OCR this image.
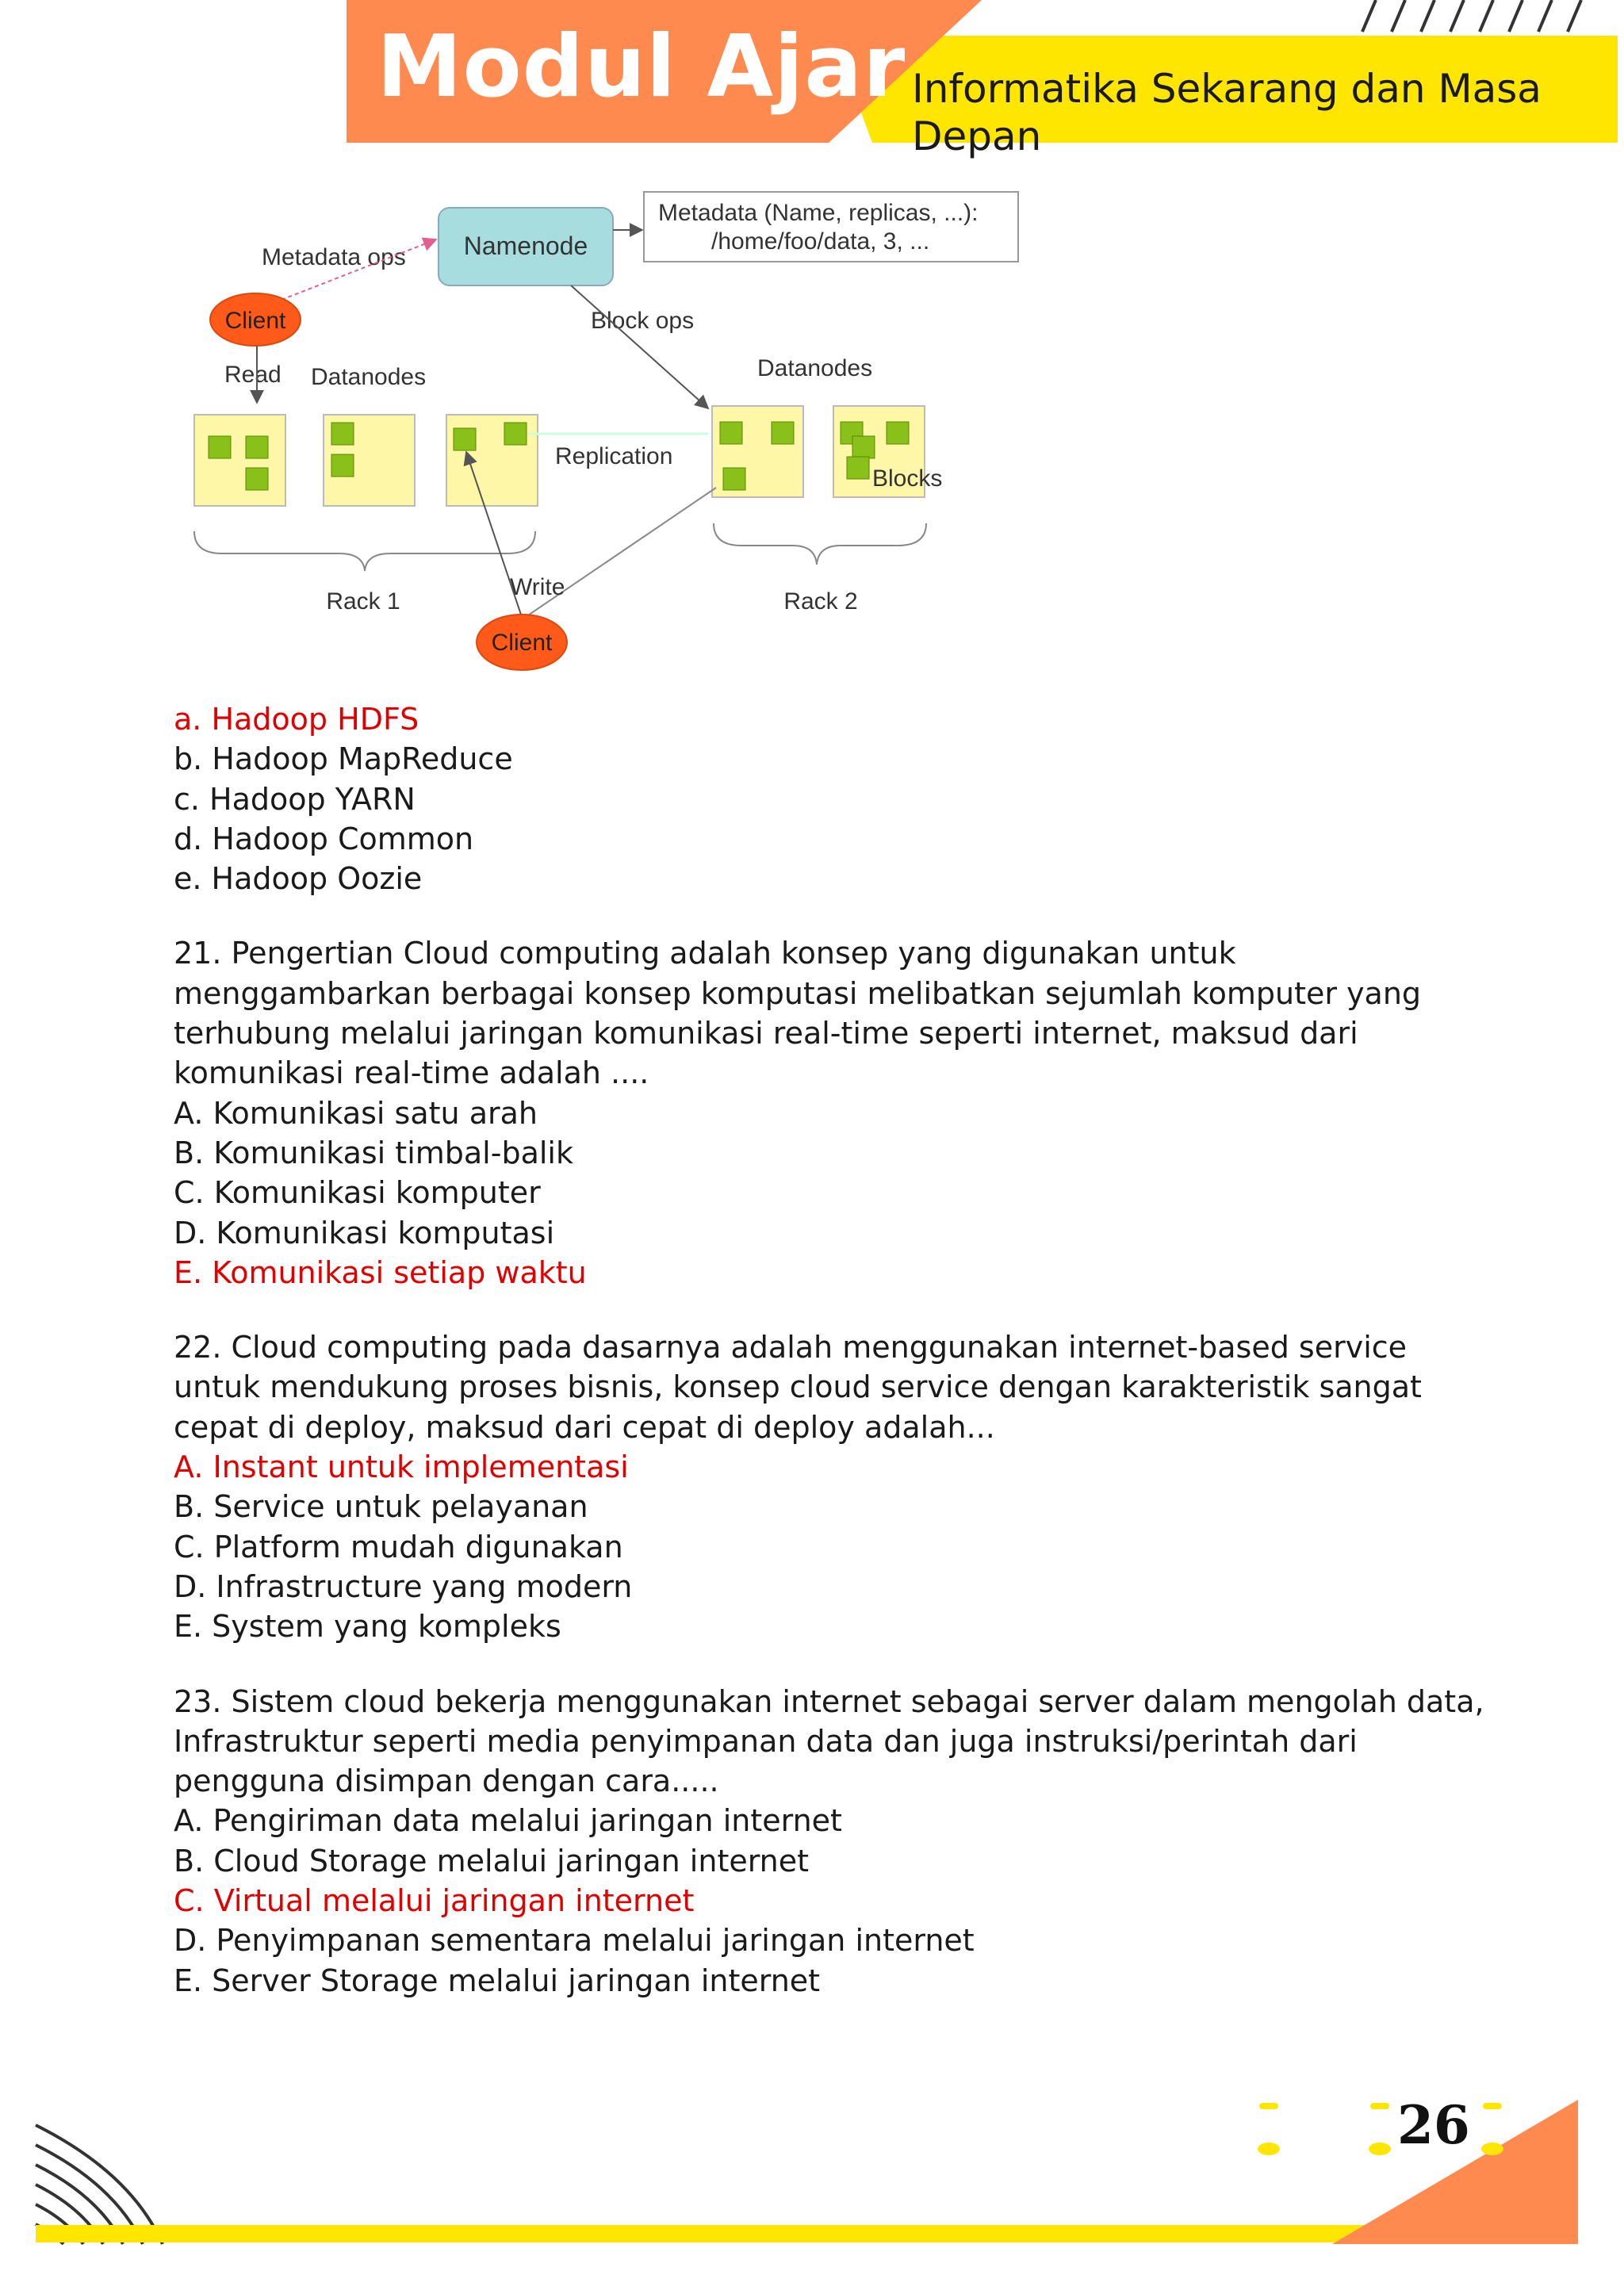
Modul Ajar Informatika Sekarang dan Masa Depan
Namenode
Metadata (Name, replicas, ...):
/home/foo/data, 3, ...
Metadata ops
Client	Block ops
Read Datanodes	Datanodes
Replication
Blocks
Rack 1	Rack 2
Write
Client
a. Hadoop HDFS
b. Hadoop MapReduce
c. Hadoop YARN
d. Hadoop Common
e. Hadoop Oozie
21. Pengertian Cloud computing adalah konsep yang digunakan untuk
menggambarkan berbagai konsep komputasi melibatkan sejumlah komputer yang
terhubung melalui jaringan komunikasi real-time seperti internet, maksud dari
komunikasi real-time adalah ....
A. Komunikasi satu arah
B. Komunikasi timbal-balik
C. Komunikasi komputer
D. Komunikasi komputasi
E. Komunikasi setiap waktu
22. Cloud computing pada dasarnya adalah menggunakan internet-based service
untuk mendukung proses bisnis, konsep cloud service dengan karakteristik sangat
cepat di deploy, maksud dari cepat di deploy adalah...
A. Instant untuk implementasi
B. Service untuk pelayanan
C. Platform mudah digunakan
D. Infrastructure yang modern
E. System yang kompleks
23. Sistem cloud bekerja menggunakan internet sebagai server dalam mengolah data,
Infrastruktur seperti media penyimpanan data dan juga instruksi/perintah dari
pengguna disimpan dengan cara.....
A. Pengiriman data melalui jaringan internet
B. Cloud Storage melalui jaringan internet
C. Virtual melalui jaringan internet
D. Penyimpanan sementara melalui jaringan internet
E. Server Storage melalui jaringan internet
26
